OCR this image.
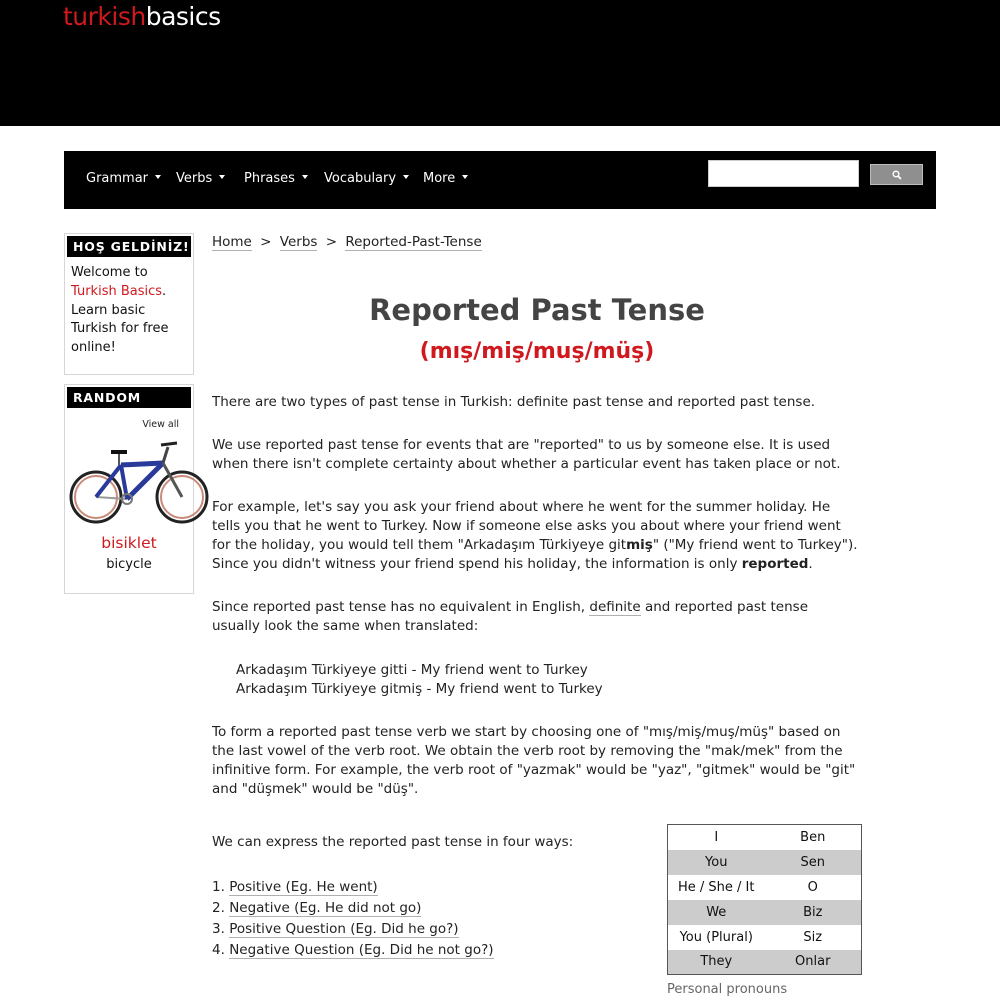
turkishbasics
Grammar Verbs Phrases Vocabulary More
HOŞ GELDİNİZ!
Welcome to Turkish Basics. Learn basic Turkish for free online!
RANDOM WORD	View all
bisiklet
bicycle
Home > Verbs > Reported-Past-Tense
Reported Past Tense
(mış/miş/muş/müş)
There are two types of past tense in Turkish: definite past tense and reported past tense.
We use reported past tense for events that are "reported" to us by someone else. It is used when there isn't complete certainty about whether a particular event has taken place or not.
For example, let's say you ask your friend about where he went for the summer holiday. He tells you that he went to Turkey. Now if someone else asks you about where your friend went for the holiday, you would tell them "Arkadaşım Türkiyeye gitmiş" ("My friend went to Turkey"). Since you didn't witness your friend spend his holiday, the information is only reported.
Since reported past tense has no equivalent in English, definite and reported past tense usually look the same when translated:
Arkadaşım Türkiyeye gitti - My friend went to Turkey
Arkadaşım Türkiyeye gitmiş - My friend went to Turkey
To form a reported past tense verb we start by choosing one of "mış/miş/muş/müş" based on the last vowel of the verb root. We obtain the verb root by removing the "mak/mek" from the infinitive form. For example, the verb root of "yazmak" would be "yaz", "gitmek" would be "git" and "düşmek" would be "düş".
We can express the reported past tense in four ways:
1. Positive (Eg. He went)
2. Negative (Eg. He did not go)
3. Positive Question (Eg. Did he go?)
4. Negative Question (Eg. Did he not go?)
I	Ben
You	Sen
He / She / It	O
We	Biz
You (Plural)	Siz
They	Onlar
Personal pronouns
